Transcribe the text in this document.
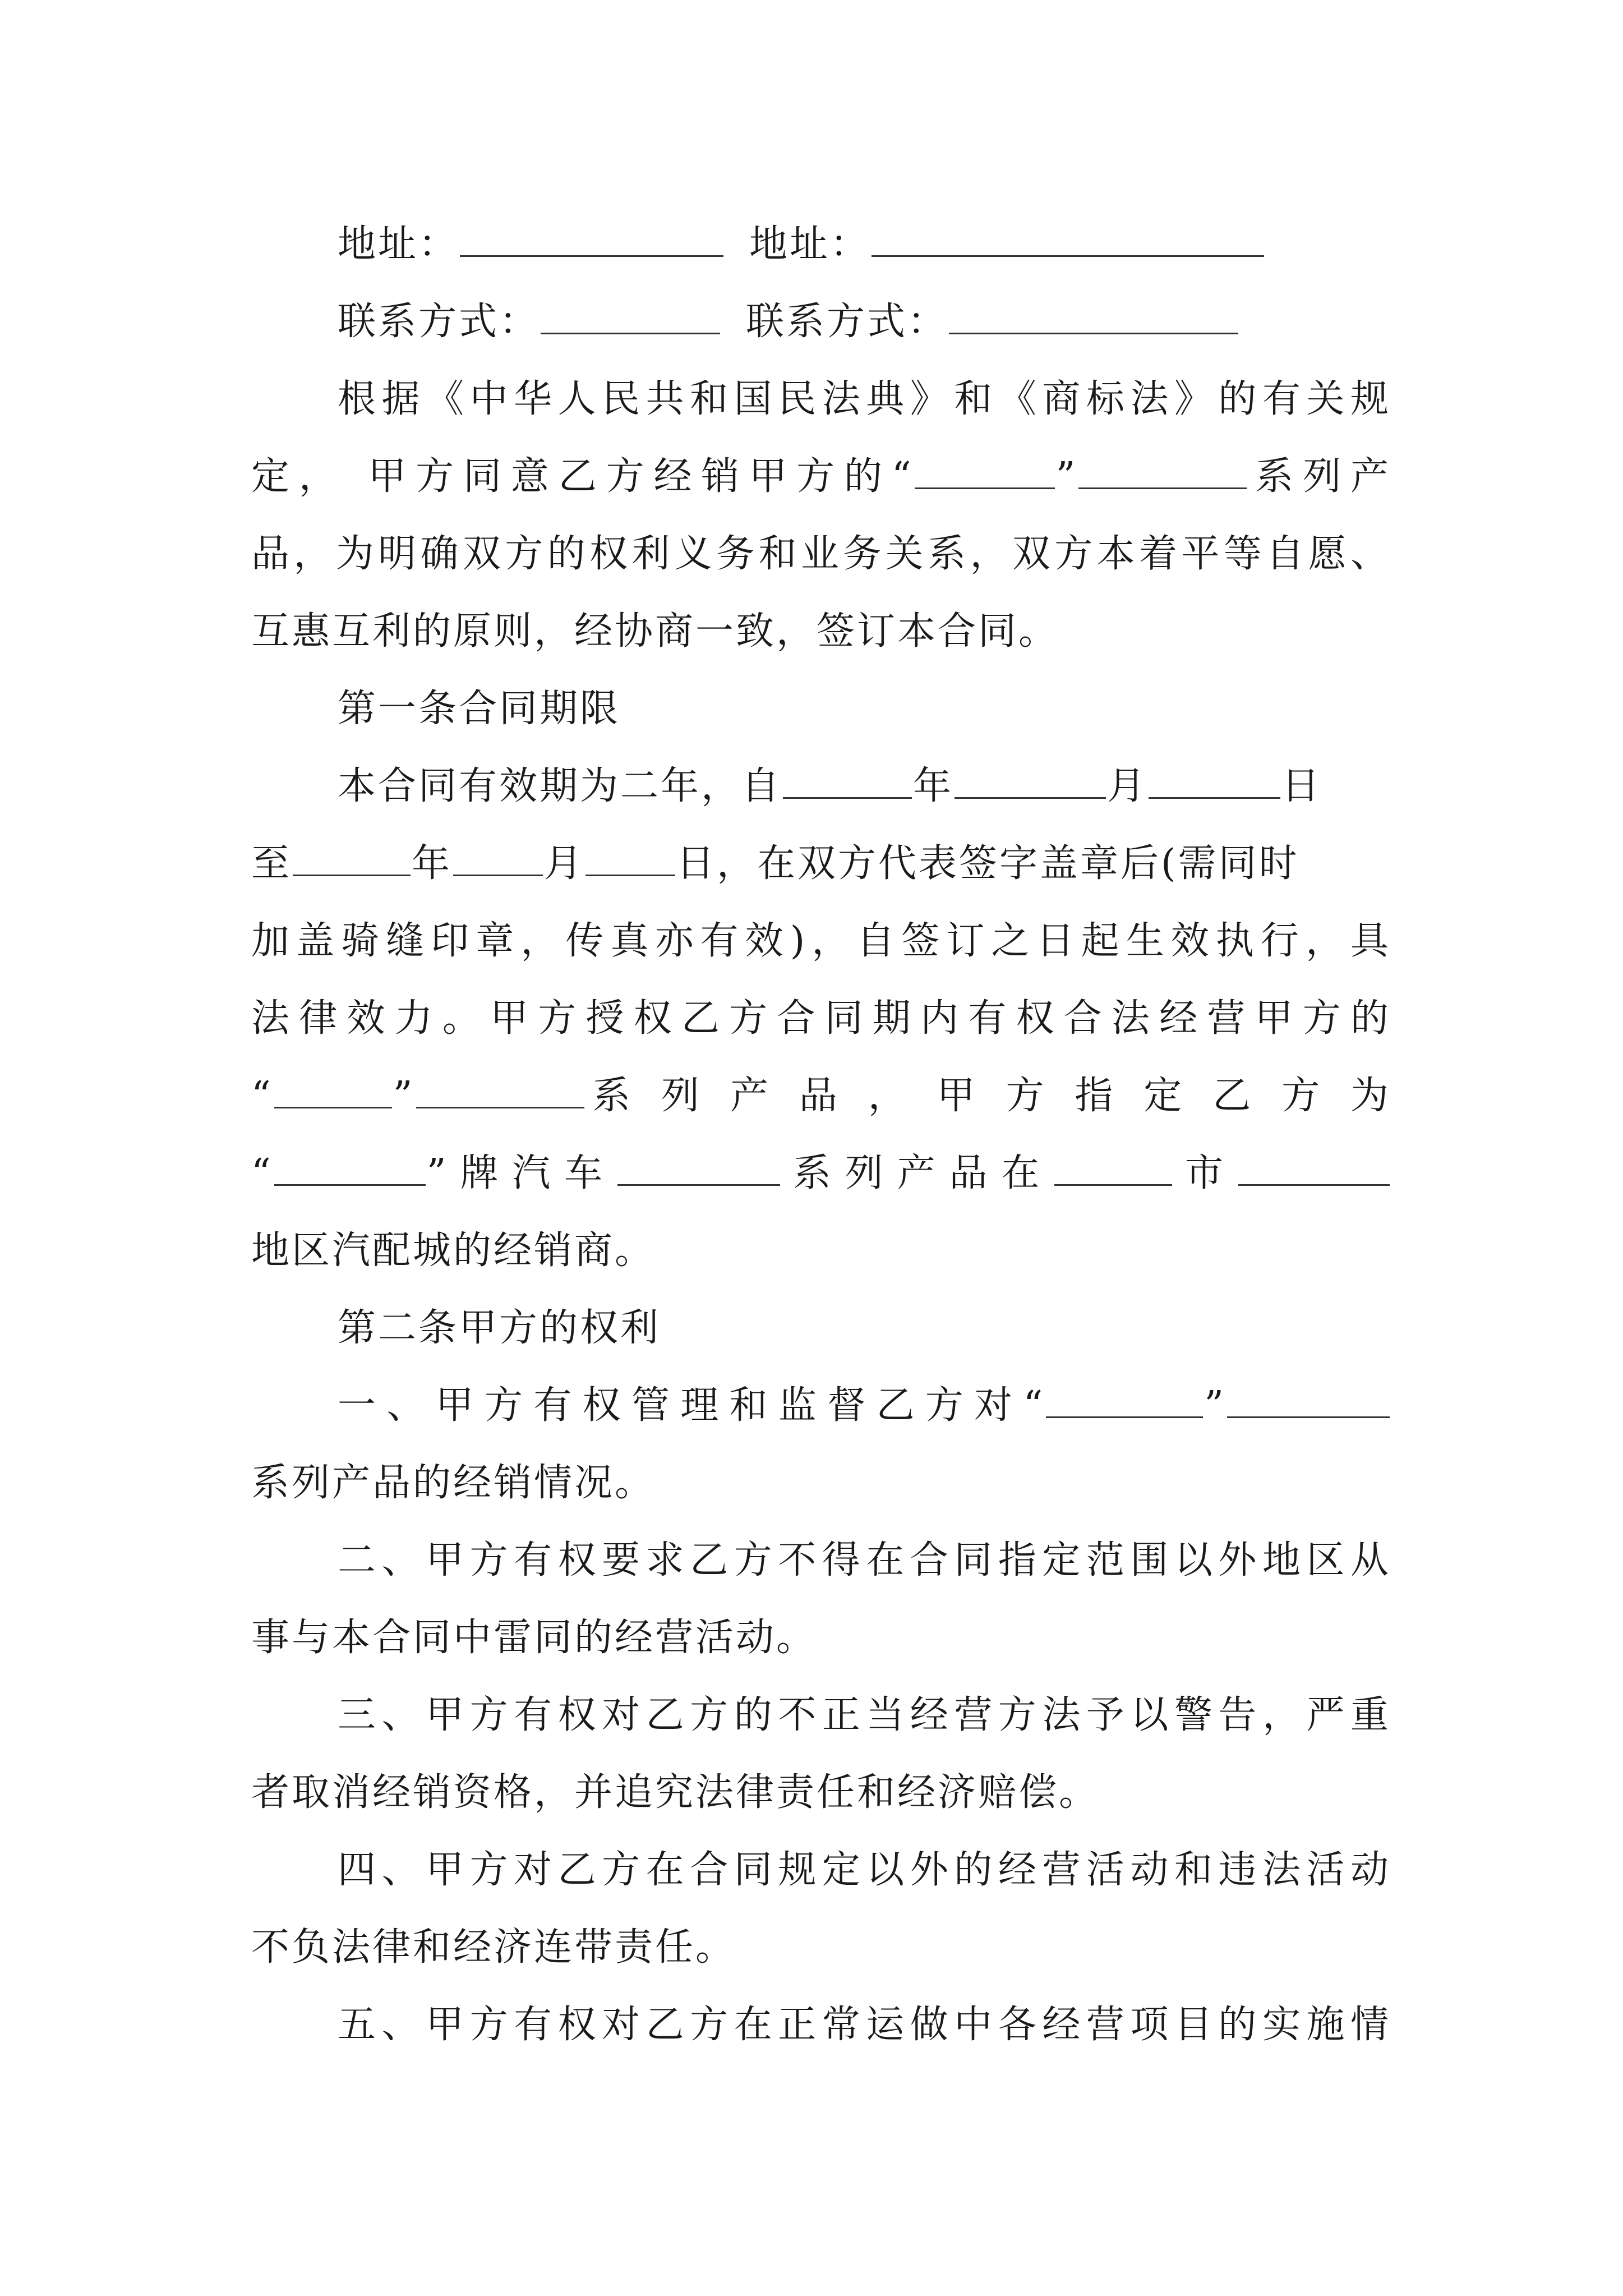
地址：	地址：
联系方式：	联系方式：
根据《中华人民共和国民法典》和《商标法》的有关规
定， 甲方同意乙方经销甲方的“	”	系列产
品，为明确双方的权利义务和业务关系，双方本着平等自愿、
互惠互利的原则，经协商一致，签订本合同。
第一条合同期限
本合同有效期为二年，自	年	月	日
至	年 月 日，在双方代表签字盖章后(需同时
加盖骑缝印章，传真亦有效)，自签订之日起生效执行，具
法律效力。甲方授权乙方合同期内有权合法经营甲方的
“	”	系 列 产 品 ， 甲 方 指 定 乙 方 为
“	”牌汽车	系列产品在	市
地区汽配城的经销商。
第二条甲方的权利
一、甲方有权管理和监督乙方对“	”
系列产品的经销情况。
二、甲方有权要求乙方不得在合同指定范围以外地区从
事与本合同中雷同的经营活动。
三、甲方有权对乙方的不正当经营方法予以警告，严重
者取消经销资格，并追究法律责任和经济赔偿。
四、甲方对乙方在合同规定以外的经营活动和违法活动
不负法律和经济连带责任。
五、甲方有权对乙方在正常运做中各经营项目的实施情
